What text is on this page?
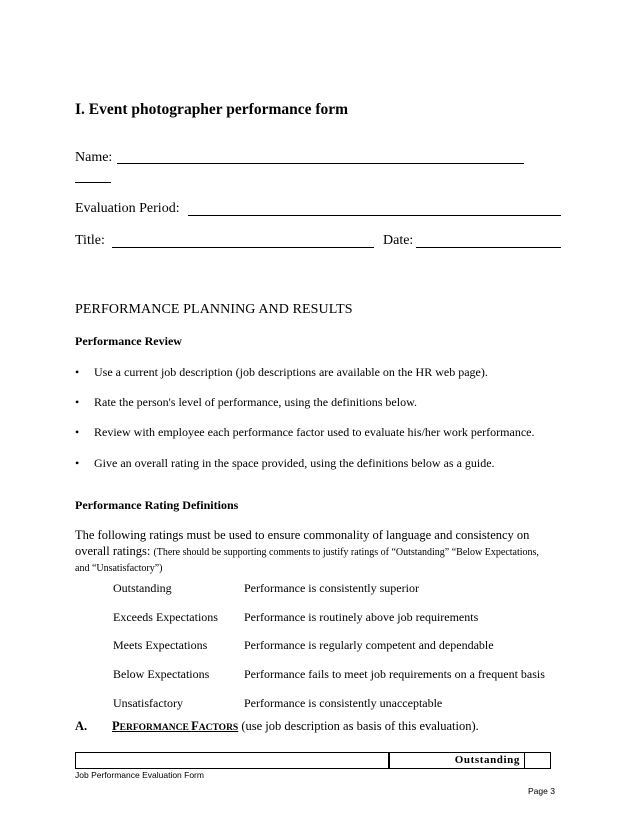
I. Event photographer performance form
Name:
Evaluation Period:
Title:	Date:
PERFORMANCE PLANNING AND RESULTS
Performance Review
• Use a current job description (job descriptions are available on the HR web page).
• Rate the person's level of performance, using the definitions below.
• Review with employee each performance factor used to evaluate his/her work performance.
• Give an overall rating in the space provided, using the definitions below as a guide.
Performance Rating Definitions
The following ratings must be used to ensure commonality of language and consistency on
overall ratings: (There should be supporting comments to justify ratings of “Outstanding” “Below Expectations,
and “Unsatisfactory”)
Outstanding	Performance is consistently superior
Exceeds Expectations Performance is routinely above job requirements
Meets Expectations	Performance is regularly competent and dependable
Below Expectations	Performance fails to meet job requirements on a frequent basis
Unsatisfactory	Performance is consistently unacceptable
A. PERFORMANCE FACTORS (use job description as basis of this evaluation).
Outstanding
Job Performance Evaluation Form
Page 3
